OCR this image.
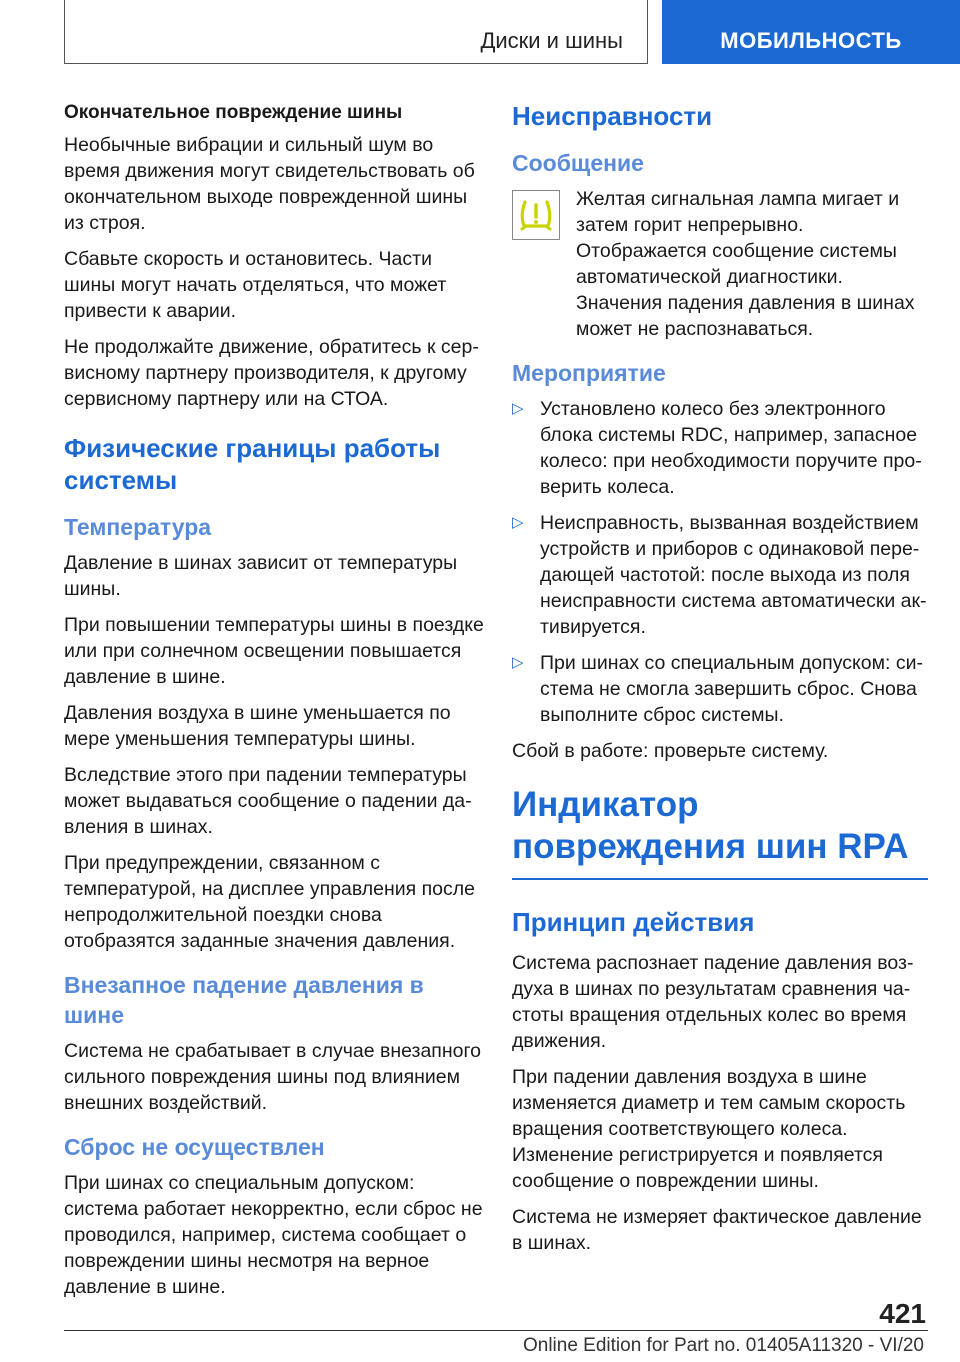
Диски и шины	МОБИЛЬНОСТЬ
Окончательное повреждение шины

Необычные вибрации и сильный шум во время движения могут свидетельствовать об окончательном выходе поврежденной шины из строя.

Сбавьте скорость и остановитесь. Части шины могут начать отделяться, что может привести к аварии.

Не продолжайте движение, обратитесь к сервисному партнеру производителя, к другому сервисному партнеру или на СТОА.

Физические границы работы системы
Температура

Давление в шинах зависит от температуры шины.

При повышении температуры шины в поездке или при солнечном освещении повышается давление в шине.

Давления воздуха в шине уменьшается по мере уменьшения температуры шины.

Вследствие этого при падении температуры может выдаваться сообщение о падении давления в шинах.

При предупреждении, связанном с температурой, на дисплее управления после непродолжительной поездки снова отобразятся заданные значения давления.

Внезапное падение давления в шине

Система не срабатывает в случае внезапного сильного повреждения шины под влиянием внешних воздействий.

Сброс не осуществлен

При шинах со специальным допуском: система работает некорректно, если сброс не проводился, например, система сообщает о повреждении шины несмотря на верное давление в шине.

Неисправности
Сообщение

Желтая сигнальная лампа мигает и затем горит непрерывно. Отображается сообщение системы автоматической диагностики. Значения падения давления в шинах может не распознаваться.

Мероприятие
▷ Установлено колесо без электронного блока системы RDC, например, запасное колесо: при необходимости поручите проверить колеса.
▷ Неисправность, вызванная воздействием устройств и приборов с одинаковой передающей частотой: после выхода из поля неисправности система автоматически активируется.
▷ При шинах со специальным допуском: система не смогла завершить сброс. Снова выполните сброс системы.

Сбой в работе: проверьте систему.

Индикатор повреждения шин RPA
Принцип действия

Система распознает падение давления воздуха в шинах по результатам сравнения частоты вращения отдельных колес во время движения.

При падении давления воздуха в шине изменяется диаметр и тем самым скорость вращения соответствующего колеса. Изменение регистрируется и появляется сообщение о повреждении шины.

Система не измеряет фактическое давление в шинах.

421
Online Edition for Part no. 01405A11320 - VI/20
